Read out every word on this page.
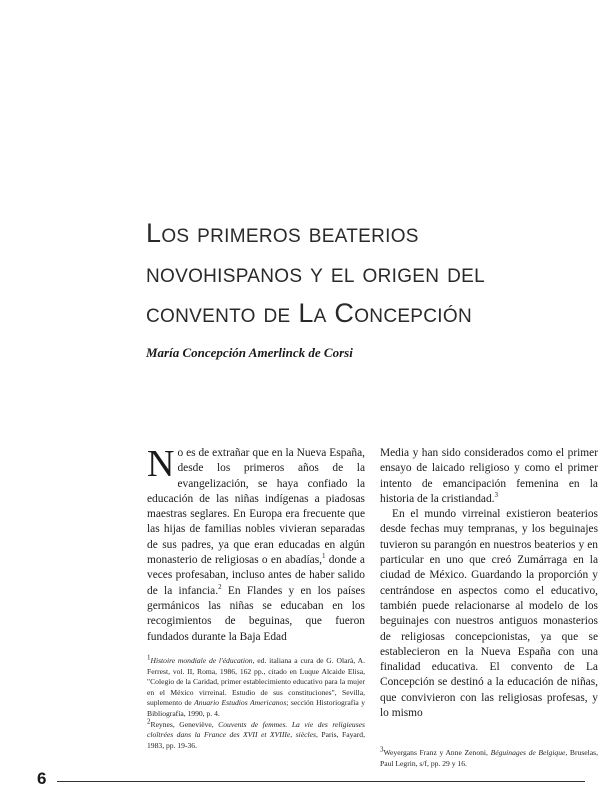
Los primeros beaterios
novohispanos y el origen del
convento de La Concepción
María Concepción Amerlinck de Corsi

No es de extrañar que en la Nueva España, desde los primeros años de la evangelización, se haya confiado la educación de las niñas indígenas a piadosas maestras seglares. En Europa era frecuente que las hijas de familias nobles vivieran separadas de sus padres, ya que eran educadas en algún monasterio de religiosas o en abadías,$^1$ donde a veces profesaban, incluso antes de haber salido de la infancia.$^2$ En Flandes y en los países germánicos las niñas se educaban en los recogimientos de beguinas, que fueron fundados durante la Baja Edad

Media y han sido considerados como el primer ensayo de laicado religioso y como el primer intento de emancipación femenina en la historia de la cristiandad.$^3$

En el mundo virreinal existieron beaterios desde fechas muy tempranas, y los beguinajes tuvieron su parangón en nuestros beaterios y en particular en uno que creó Zumárraga en la ciudad de México. Guardando la proporción y centrándose en aspectos como el educativo, también puede relacionarse al modelo de los beguinajes con nuestros antiguos monasterios de religiosas concepcionistas, ya que se establecieron en la Nueva España con una finalidad educativa. El convento de La Concepción se destinó a la educación de niñas, que convivieron con las religiosas profesas, y lo mismo

$^1$Histoire mondiale de l'éducation, ed. italiana a cura de G. Olarà, A. Ferrest, vol. II, Roma, 1986, 162 pp., citado en Luque Alcaide Elisa, "Colegio de la Caridad, primer establecimiento educativo para la mujer en el México virreinal. Estudio de sus constituciones", Sevilla, suplemento de Anuario Estudios Americanos; sección Historiografía y Bibliografía, 1990, p. 4.

$^2$Reynes, Geneviève, Couvents de femmes. La vie des religieuses cloîtrées dans la France des XVII et XVIIIe, siècles, Paris, Fayard, 1983, pp. 19-36.	$^3$Weyergans Franz y Anne Zenoni, Béguinages de Belgique, Bruselas, Paul Legrin, s/f, pp. 29 y 16.

6
